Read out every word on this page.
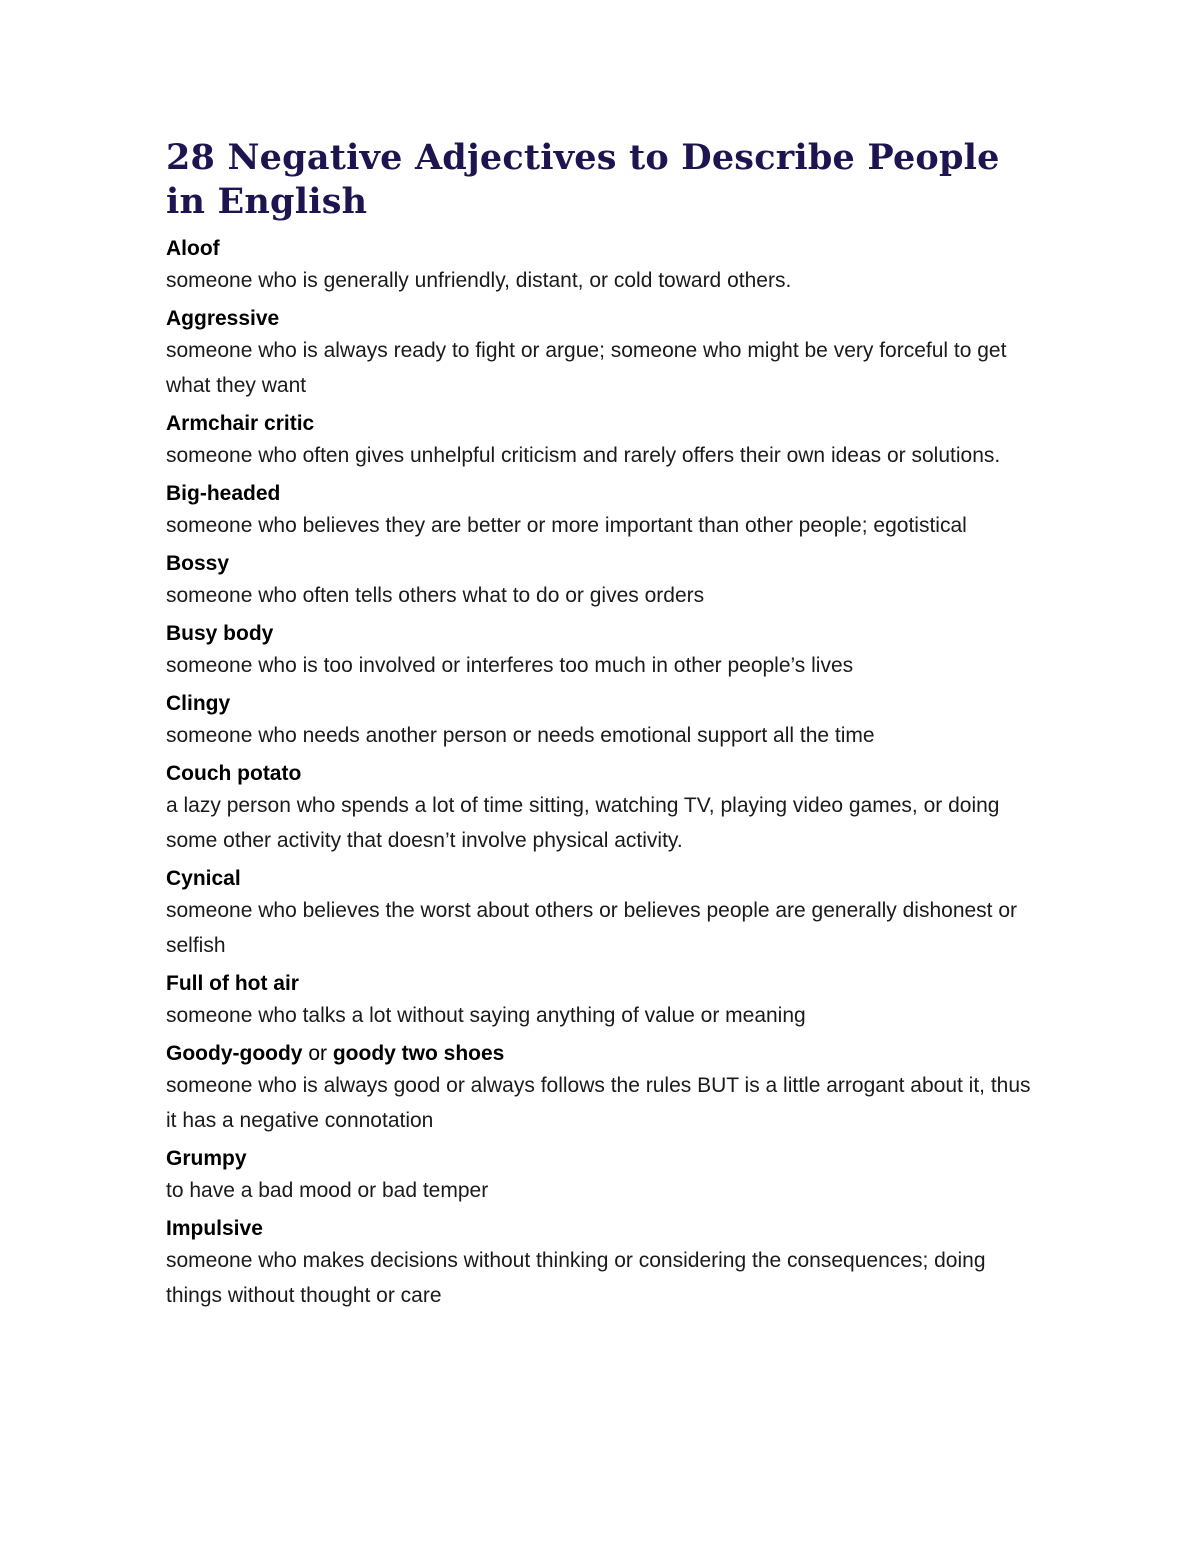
28 Negative Adjectives to Describe People in English

Aloof

someone who is generally unfriendly, distant, or cold toward others.

Aggressive

someone who is always ready to fight or argue; someone who might be very forceful to get what they want

Armchair critic

someone who often gives unhelpful criticism and rarely offers their own ideas or solutions.

Big-headed

someone who believes they are better or more important than other people; egotistical

Bossy

someone who often tells others what to do or gives orders

Busy body

someone who is too involved or interferes too much in other people’s lives

Clingy

someone who needs another person or needs emotional support all the time

Couch potato

a lazy person who spends a lot of time sitting, watching TV, playing video games, or doing some other activity that doesn’t involve physical activity.

Cynical

someone who believes the worst about others or believes people are generally dishonest or selfish

Full of hot air

someone who talks a lot without saying anything of value or meaning

Goody-goody or goody two shoes

someone who is always good or always follows the rules BUT is a little arrogant about it, thus it has a negative connotation

Grumpy

to have a bad mood or bad temper

Impulsive

someone who makes decisions without thinking or considering the consequences; doing things without thought or care
